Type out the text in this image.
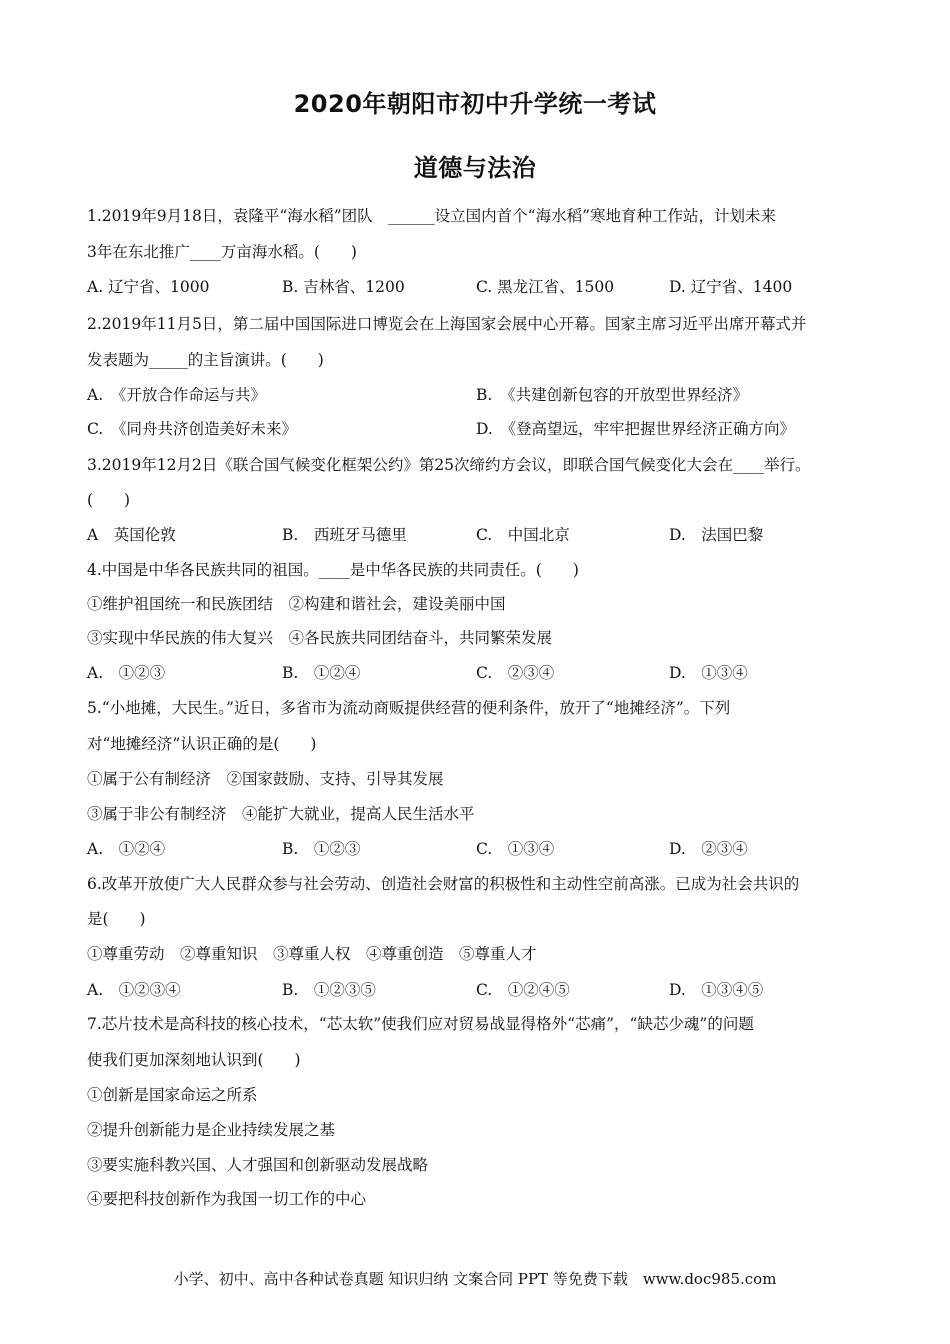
2020年朝阳市初中升学统一考试
道德与法治
1.2019年9月18日，袁隆平“海水稻”团队　______设立国内首个“海水稻”寒地育种工作站，计划未来
3年在东北推广____万亩海水稻。(　　)
A. 辽宁省、1000	B. 吉林省、1200	C. 黑龙江省、1500	D. 辽宁省、1400
2.2019年11月5日，第二届中国国际进口博览会在上海国家会展中心开幕。国家主席习近平出席开幕式并
发表题为_____的主旨演讲。(　　)
A.　《开放合作命运与共》	B.　《共建创新包容的开放型世界经济》
C.　《同舟共济创造美好未来》	D.　《登高望远，牢牢把握世界经济正确方向》
3.2019年12月2日《联合国气候变化框架公约》第25次缔约方会议，即联合国气候变化大会在____举行。
(　　)
A　英国伦敦	B.　西班牙马德里	C.　中国北京	D.　法国巴黎
4.中国是中华各民族共同的祖国。____是中华各民族的共同责任。(　　)
①维护祖国统一和民族团结　②构建和谐社会，建设美丽中国
③实现中华民族的伟大复兴　④各民族共同团结奋斗，共同繁荣发展
A.　①②③	B.　①②④	C.　②③④	D.　①③④
5.“小地摊，大民生。”近日，多省市为流动商贩提供经营的便利条件，放开了“地摊经济”。下列
对“地摊经济”认识正确的是(　　)
①属于公有制经济　②国家鼓励、支持、引导其发展
③属于非公有制经济　④能扩大就业，提高人民生活水平
A.　①②④	B.　①②③	C.　①③④	D.　②③④
6.改革开放使广大人民群众参与社会劳动、创造社会财富的积极性和主动性空前高涨。已成为社会共识的
是(　　)
①尊重劳动　②尊重知识　③尊重人权　④尊重创造　⑤尊重人才
A.　①②③④	B.　①②③⑤	C.　①②④⑤	D.　①③④⑤
7.芯片技术是高科技的核心技术，“芯太软”使我们应对贸易战显得格外“芯痛”，“缺芯少魂”的问题
使我们更加深刻地认识到(　　)
①创新是国家命运之所系
②提升创新能力是企业持续发展之基
③要实施科教兴国、人才强国和创新驱动发展战略
④要把科技创新作为我国一切工作的中心
小学、初中、高中各种试卷真题 知识归纳 文案合同 PPT 等免费下载　www.doc985.com
